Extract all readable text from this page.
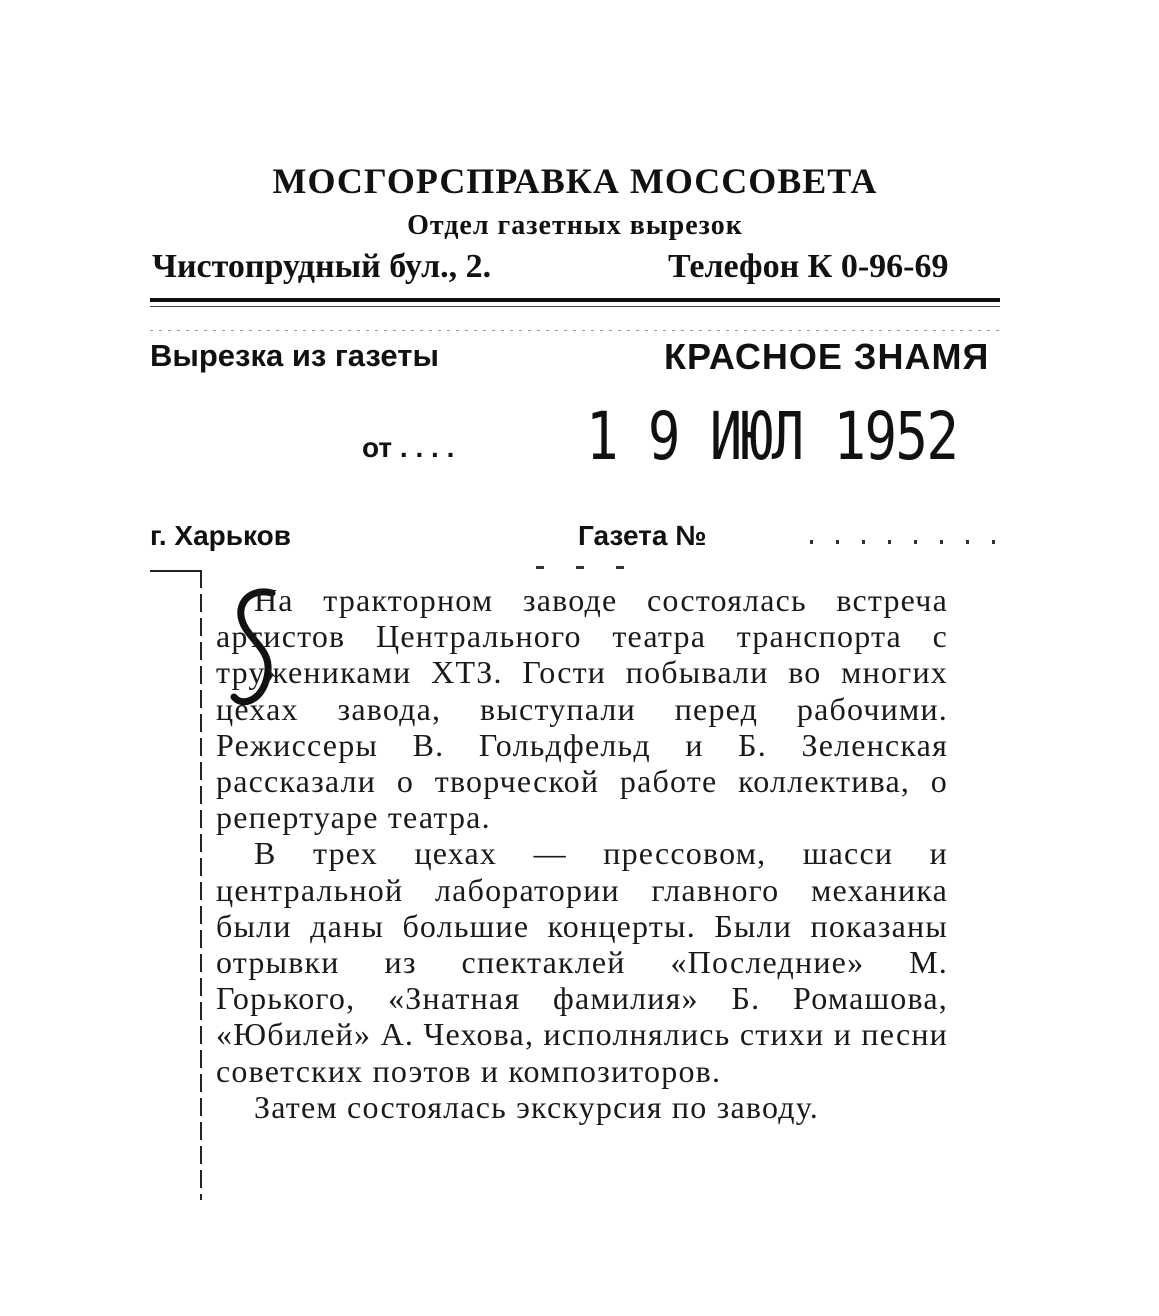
МОСГОРСПРАВКА МОССОВЕТА
Отдел газетных вырезок
Чистопрудный бул., 2.	Телефон К 0-96-69
Вырезка из газеты	КРАСНОЕ ЗНАМЯ
от . . . . 1 9 ИЮЛ 1952
г. Харьков	Газета №

На тракторном заводе состоялась встреча артистов Центрального театра транспорта с тружениками ХТЗ. Гости побывали во многих цехах завода, выступали перед рабочими. Режиссеры В. Гольдфельд и Б. Зеленская рассказали о творческой работе коллектива, о репертуаре театра.

В трех цехах — прессовом, шасси и центральной лаборатории главного механика были даны большие концерты. Были показаны отрывки из спектаклей «Последние» М. Горького, «Знатная фамилия» Б. Ромашова, «Юбилей» А. Чехова, исполнялись стихи и песни советских поэтов и композиторов.

Затем состоялась экскурсия по заводу.
